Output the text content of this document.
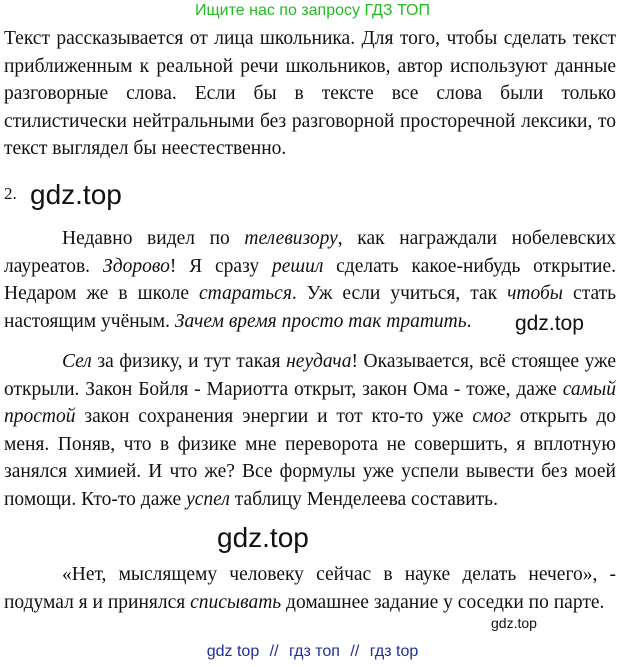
Ищите нас по запросу ГДЗ ТОП

Текст рассказывается от лица школьника. Для того, чтобы сделать текст приближенным к реальной речи школьников, автор используют данные разговорные слова. Если бы в тексте все слова были только стилистически нейтральными без разговорной просторечной лексики, то текст выглядел бы неестественно.

2. gdz.top

Недавно видел по телевизору, как награждали нобелевских лауреатов. Здорово! Я сразу решил сделать какое-нибудь открытие. Недаром же в школе стараться. Уж если учиться, так чтобы стать настоящим учёным. Зачем время просто так тратить.	gdz.top

Сел за физику, и тут такая неудача! Оказывается, всё стоящее уже открыли. Закон Бойля - Мариотта открыт, закон Ома - тоже, даже самый простой закон сохранения энергии и тот кто-то уже смог открыть до меня. Поняв, что в физике мне переворота не совершить, я вплотную занялся химией. И что же? Все формулы уже успели вывести без моей помощи. Кто-то даже успел таблицу Менделеева составить.

gdz.top

«Нет, мыслящему человеку сейчас в науке делать нечего», - подумал я и принялся списывать домашнее задание у соседки по парте.

gdz.top
gdz top // гдз топ // гдз top
